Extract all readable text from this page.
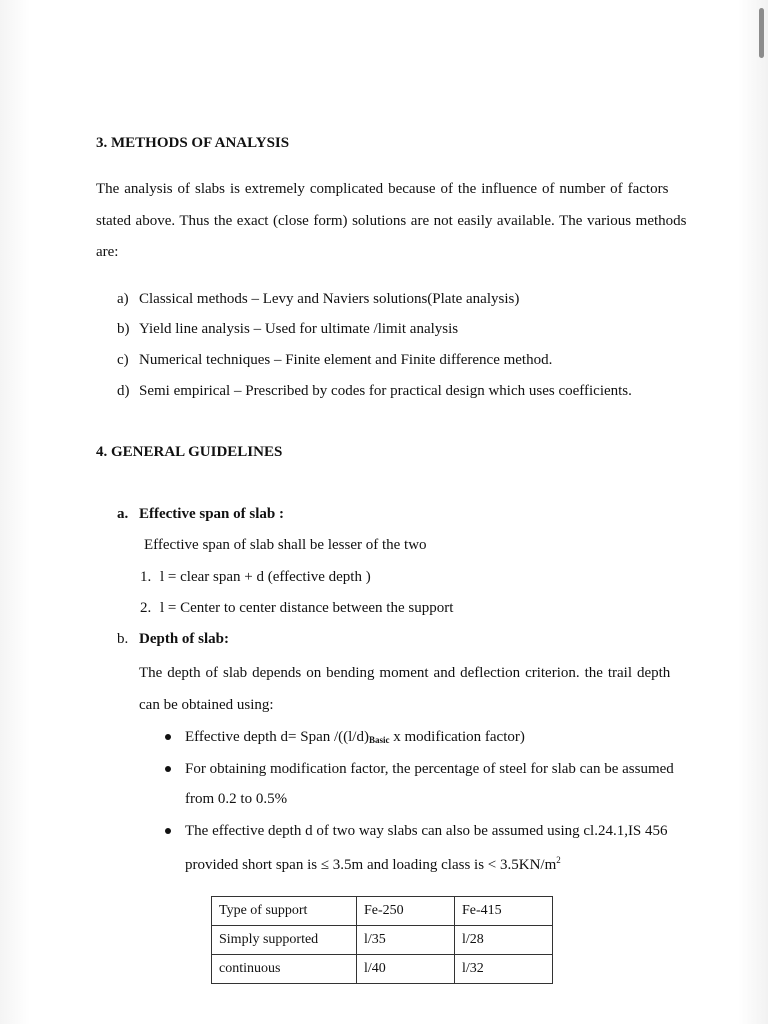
3. METHODS OF ANALYSIS
The analysis of slabs is extremely complicated because of the influence of number of factors
stated above. Thus the exact (close form) solutions are not easily available. The various methods
are:
a) Classical methods – Levy and Naviers solutions(Plate analysis)
b) Yield line analysis – Used for ultimate /limit analysis
c) Numerical techniques – Finite element and Finite difference method.
d) Semi empirical – Prescribed by codes for practical design which uses coefficients.
4. GENERAL GUIDELINES
a. Effective span of slab :
Effective span of slab shall be lesser of the two
1. l = clear span + d (effective depth )
2. l = Center to center distance between the support
b. Depth of slab:
The depth of slab depends on bending moment and deflection criterion. the trail depth
can be obtained using:
Effective depth d= Span $/((l/d)_{Basic}$ x modification factor)
For obtaining modification factor, the percentage of steel for slab can be assumed
from 0.2 to 0.5%
The effective depth d of two way slabs can also be assumed using cl.24.1,IS 456
provided short span is ≤ 3.5m and loading class is < $3.5KN/m^2$
Type of support	Fe-250	Fe-415
Simply supported	l/35	l/28
continuous	l/40	l/32
